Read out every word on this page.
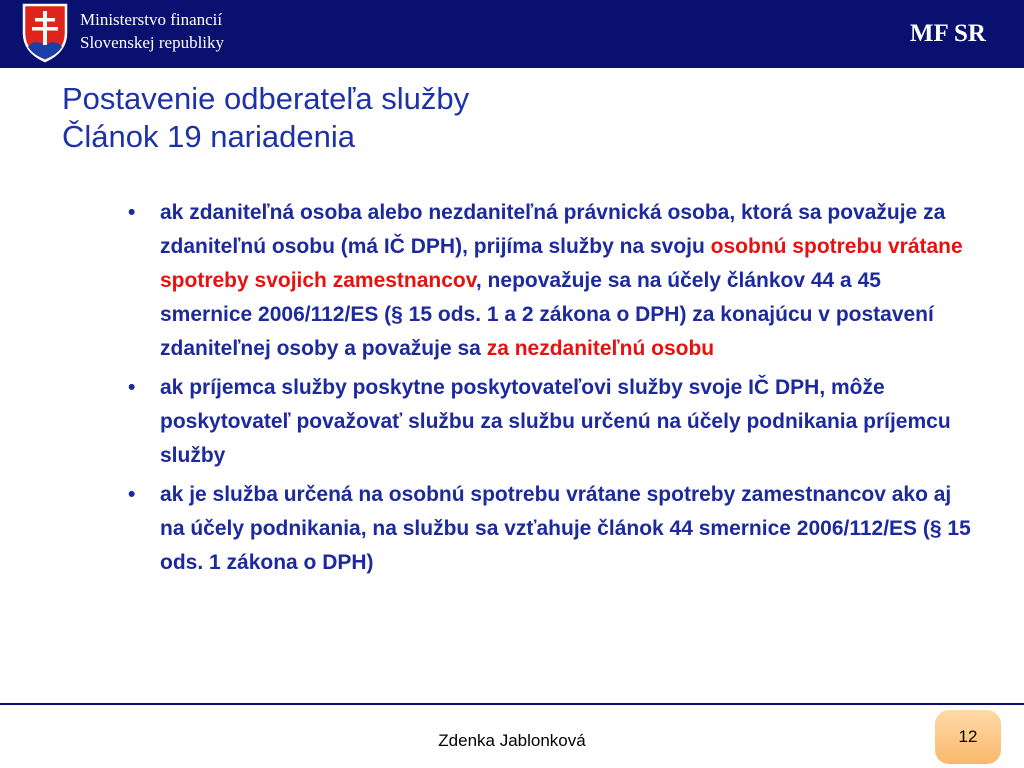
Ministerstvo financií
Slovenskej republiky	MF SR
Postavenie odberateľa služby
Článok 19 nariadenia
• ak zdaniteľná osoba alebo nezdaniteľná právnická osoba, ktorá sa považuje za zdaniteľnú osobu (má IČ DPH), prijíma služby na svoju osobnú spotrebu vrátane spotreby svojich zamestnancov, nepovažuje sa na účely článkov 44 a 45 smernice 2006/112/ES (§ 15 ods. 1 a 2 zákona o DPH) za konajúcu v postavení zdaniteľnej osoby a považuje sa za nezdaniteľnú osobu
• ak príjemca služby poskytne poskytovateľovi služby svoje IČ DPH, môže poskytovateľ považovať službu za službu určenú na účely podnikania príjemcu služby
• ak je služba určená na osobnú spotrebu vrátane spotreby zamestnancov ako aj na účely podnikania, na službu sa vzťahuje článok 44 smernice 2006/112/ES (§ 15 ods. 1 zákona o DPH)
Zdenka Jablonková	12
